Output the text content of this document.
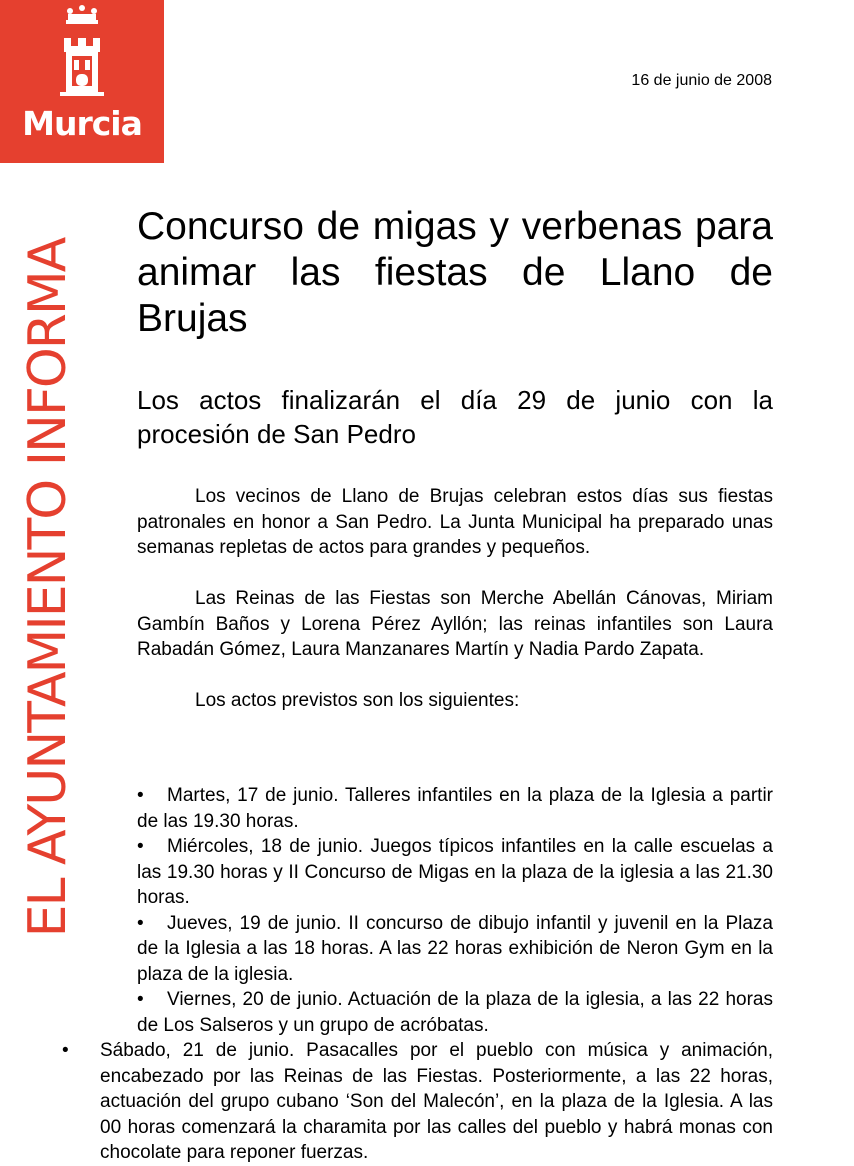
Murcia
EL AYUNTAMIENTO INFORMA
16 de junio de 2008
Concurso de migas y verbenas para animar las fiestas de Llano de Brujas
Los actos finalizarán el día 29 de junio con la procesión de San Pedro

Los vecinos de Llano de Brujas celebran estos días sus fiestas patronales en honor a San Pedro. La Junta Municipal ha preparado unas semanas repletas de actos para grandes y pequeños.

Las Reinas de las Fiestas son Merche Abellán Cánovas, Miriam Gambín Baños y Lorena Pérez Ayllón; las reinas infantiles son Laura Rabadán Gómez, Laura Manzanares Martín y Nadia Pardo Zapata.

Los actos previstos son los siguientes:

• Martes, 17 de junio. Talleres infantiles en la plaza de la Iglesia a partir de las 19.30 horas.

• Miércoles, 18 de junio. Juegos típicos infantiles en la calle escuelas a las 19.30 horas y II Concurso de Migas en la plaza de la iglesia a las 21.30 horas.

• Jueves, 19 de junio. II concurso de dibujo infantil y juvenil en la Plaza de la Iglesia a las 18 horas. A las 22 horas exhibición de Neron Gym en la plaza de la iglesia.

• Viernes, 20 de junio. Actuación de la plaza de la iglesia, a las 22 horas de Los Salseros y un grupo de acróbatas.

•	Sábado, 21 de junio. Pasacalles por el pueblo con música y animación, encabezado por las Reinas de las Fiestas. Posteriormente, a las 22 horas, actuación del grupo cubano ‘Son del Malecón’, en la plaza de la Iglesia. A las 00 horas comenzará la charamita por las calles del pueblo y habrá monas con chocolate para reponer fuerzas.
